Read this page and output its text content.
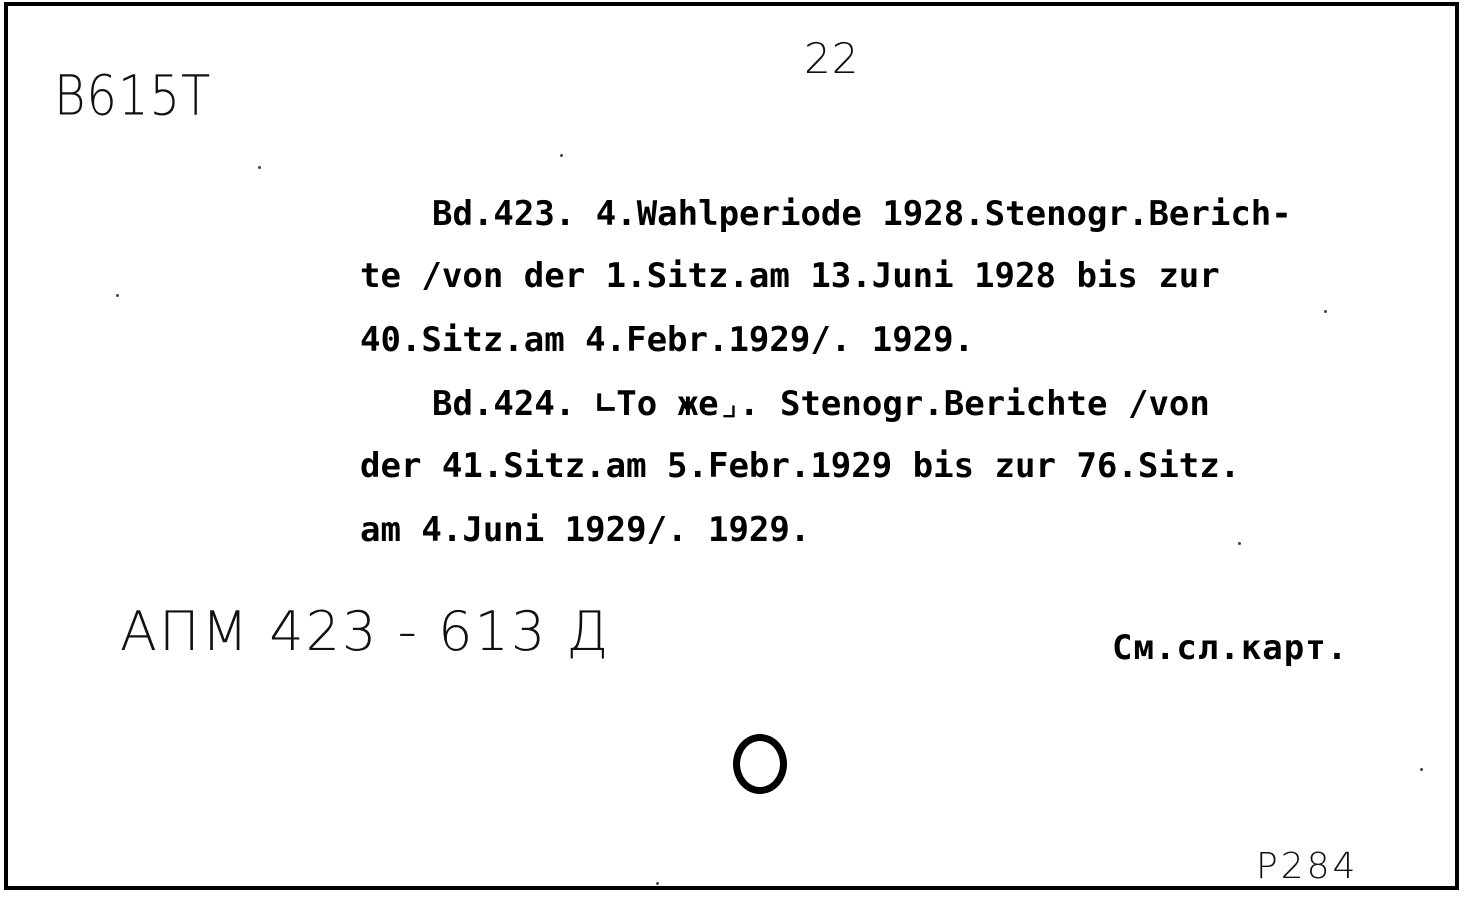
B615T
22
Bd.423. 4.Wahlperiode 1928.Stenogr.Berich-
te /von der 1.Sitz.am 13.Juni 1928 bis zur
40.Sitz.am 4.Febr.1929/. 1929.
Bd.424. ∟То же⌟. Stenogr.Berichte /von
der 41.Sitz.am 5.Febr.1929 bis zur 76.Sitz.
am 4.Juni 1929/. 1929.
АПМ 423 - 613 Д	См.сл.карт.
P284
